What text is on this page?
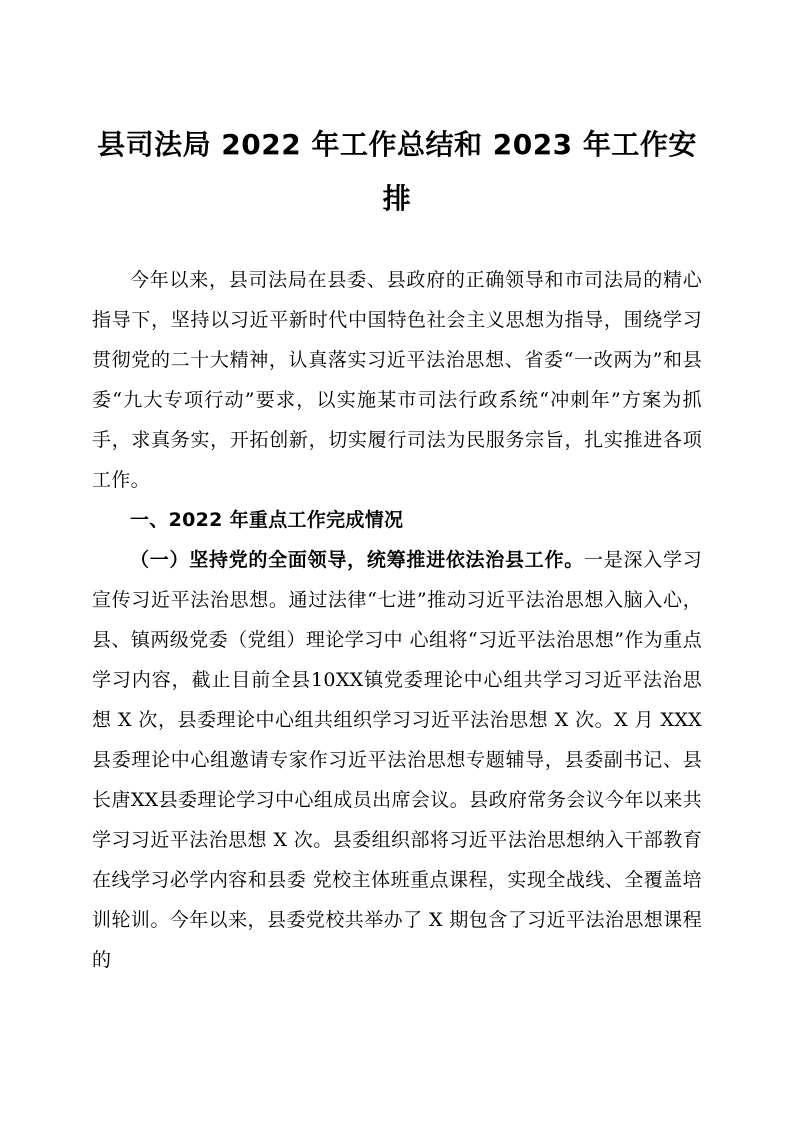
县司法局 2022 年工作总结和 2023 年工作安排

今年以来，县司法局在县委、县政府的正确领导和市司法局的精心指导下，坚持以习近平新时代中国特色社会主义思想为指导，围绕学习贯彻党的二十大精神，认真落实习近平法治思想、省委“一改两为”和县委“九大专项行动”要求，以实施某市司法行政系统“冲刺年”方案为抓手，求真务实，开拓创新，切实履行司法为民服务宗旨，扎实推进各项工作。

一、2022 年重点工作完成情况

（一）坚持党的全面领导，统筹推进依法治县工作。一是深入学习宣传习近平法治思想。通过法律“七进”推动习近平法治思想入脑入心，县、镇两级党委（党组）理论学习中 心组将“习近平法治思想”作为重点学习内容，截止目前全县10XX镇党委理论中心组共学习习近平法治思想 X 次，县委理论中心组共组织学习习近平法治思想 X 次。X 月 XXX县委理论中心组邀请专家作习近平法治思想专题辅导，县委副书记、县长唐XX县委理论学习中心组成员出席会议。县政府常务会议今年以来共学习习近平法治思想 X 次。县委组织部将习近平法治思想纳入干部教育在线学习必学内容和县委 党校主体班重点课程，实现全战线、全覆盖培训轮训。今年以来，县委党校共举办了 X 期包含了习近平法治思想课程的
